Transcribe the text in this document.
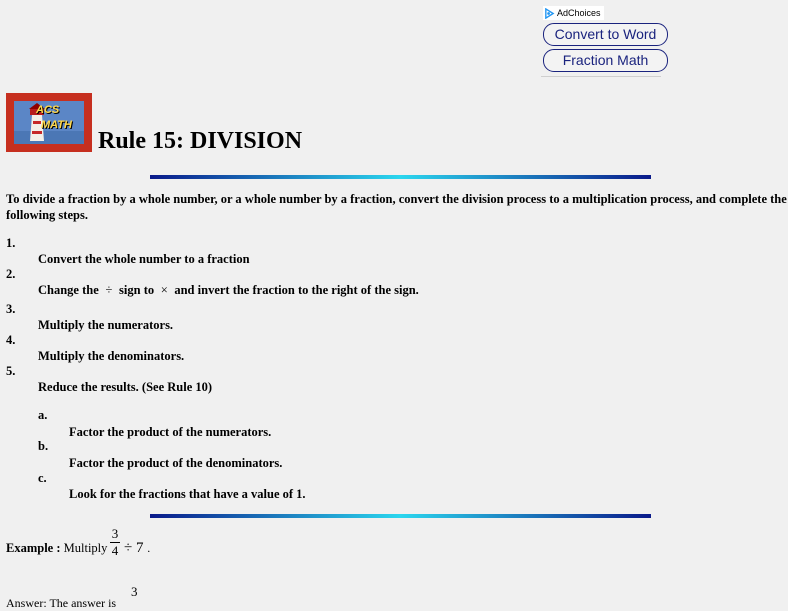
AdChoices
Convert to Word
Fraction Math
ACS
MATH
Rule 15: DIVISION
To divide a fraction by a whole number, or a whole number by a fraction, convert the division process to a multiplication process, and complete the following steps.
1.
Convert the whole number to a fraction
2.
Change the ÷ sign to × and invert the fraction to the right of the sign.
3.
Multiply the numerators.
4.
Multiply the denominators.
5.
Reduce the results. (See Rule 10)
a.
Factor the product of the numerators.
b.
Factor the product of the denominators.
c.
Look for the fractions that have a value of 1.
Example : Multiply
3
4 ÷ 7 .
3
Answer: The answer is
